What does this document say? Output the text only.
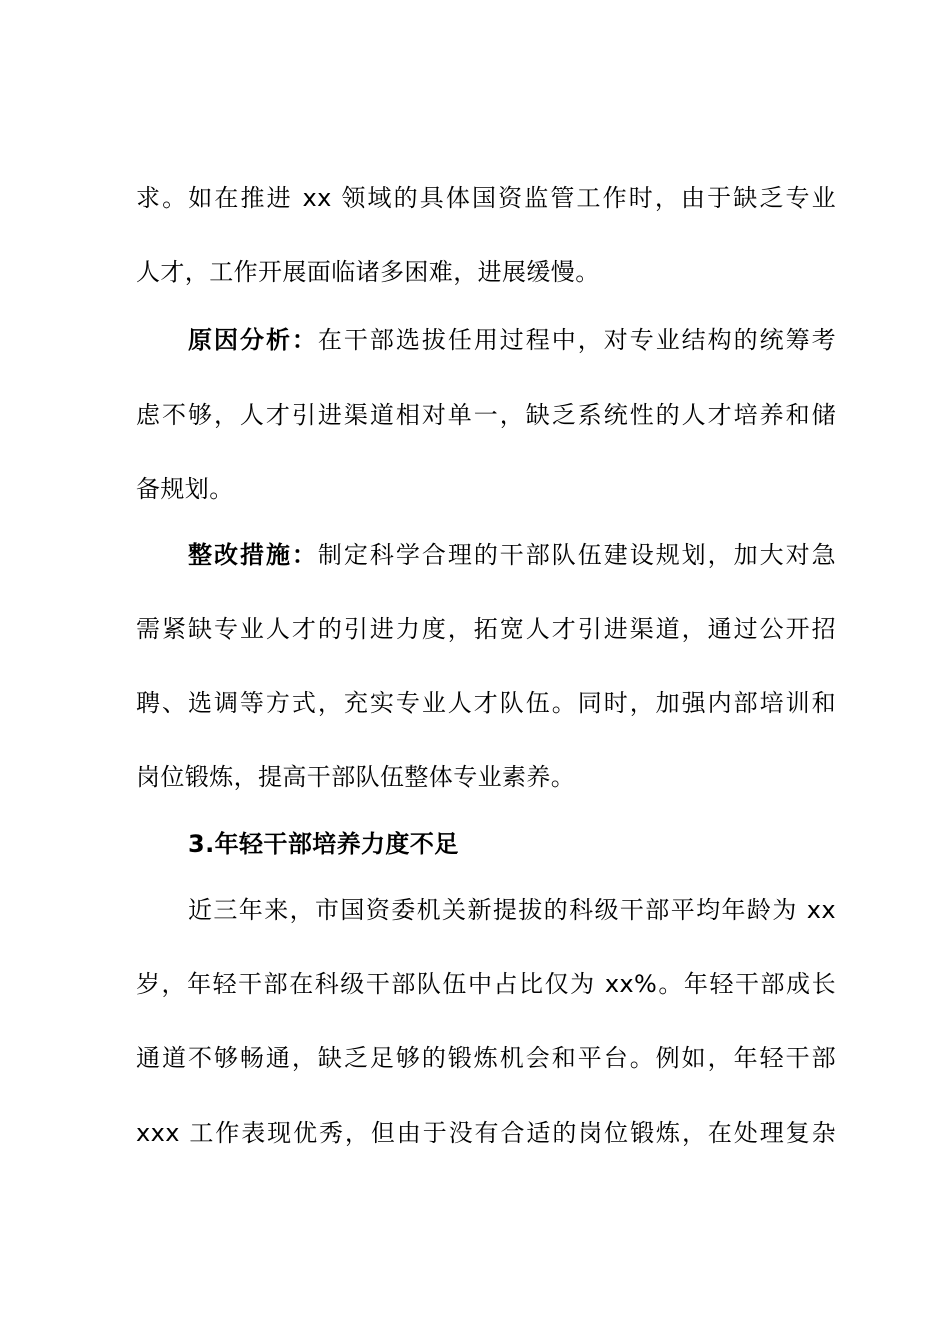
求。如在推进 xx 领域的具体国资监管工作时，由于缺乏专业
人才，工作开展面临诸多困难，进展缓慢。
原因分析：在干部选拔任用过程中，对专业结构的统筹考
虑不够，人才引进渠道相对单一，缺乏系统性的人才培养和储
备规划。
整改措施：制定科学合理的干部队伍建设规划，加大对急
需紧缺专业人才的引进力度，拓宽人才引进渠道，通过公开招
聘、选调等方式，充实专业人才队伍。同时，加强内部培训和
岗位锻炼，提高干部队伍整体专业素养。
3.年轻干部培养力度不足
近三年来，市国资委机关新提拔的科级干部平均年龄为 xx
岁，年轻干部在科级干部队伍中占比仅为 xx%。年轻干部成长
通道不够畅通，缺乏足够的锻炼机会和平台。例如，年轻干部
xxx 工作表现优秀，但由于没有合适的岗位锻炼，在处理复杂
